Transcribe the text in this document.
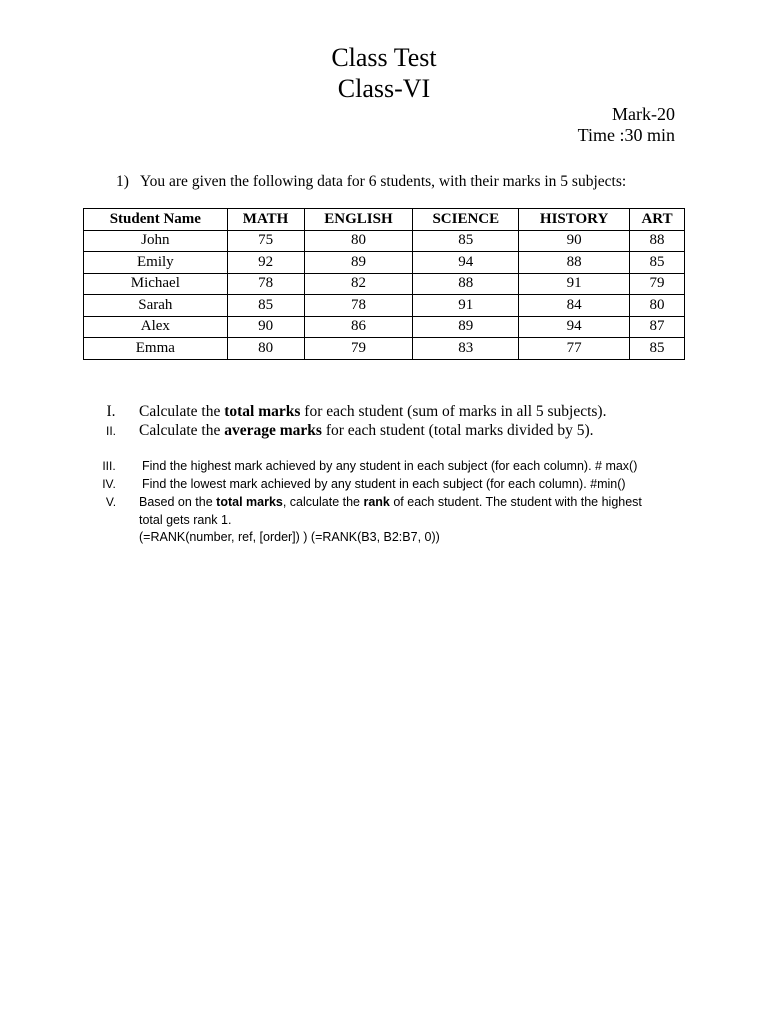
Class Test
Class-VI
Mark-20
Time :30 min
1) You are given the following data for 6 students, with their marks in 5 subjects:
Student Name	MATH	ENGLISH	SCIENCE	HISTORY	ART
John	75	80	85	90	88
Emily	92	89	94	88	85
Michael	78	82	88	91	79
Sarah	85	78	91	84	80
Alex	90	86	89	94	87
Emma	80	79	83	77	85
I.	Calculate the total marks for each student (sum of marks in all 5 subjects).
II.	Calculate the average marks for each student (total marks divided by 5).
III.	Find the highest mark achieved by any student in each subject (for each column). # max()
IV.	Find the lowest mark achieved by any student in each subject (for each column). #min()
V.	Based on the total marks, calculate the rank of each student. The student with the highest
total gets rank 1.
(=RANK(number, ref, [order]) ) (=RANK(B3, B2:B7, 0))
